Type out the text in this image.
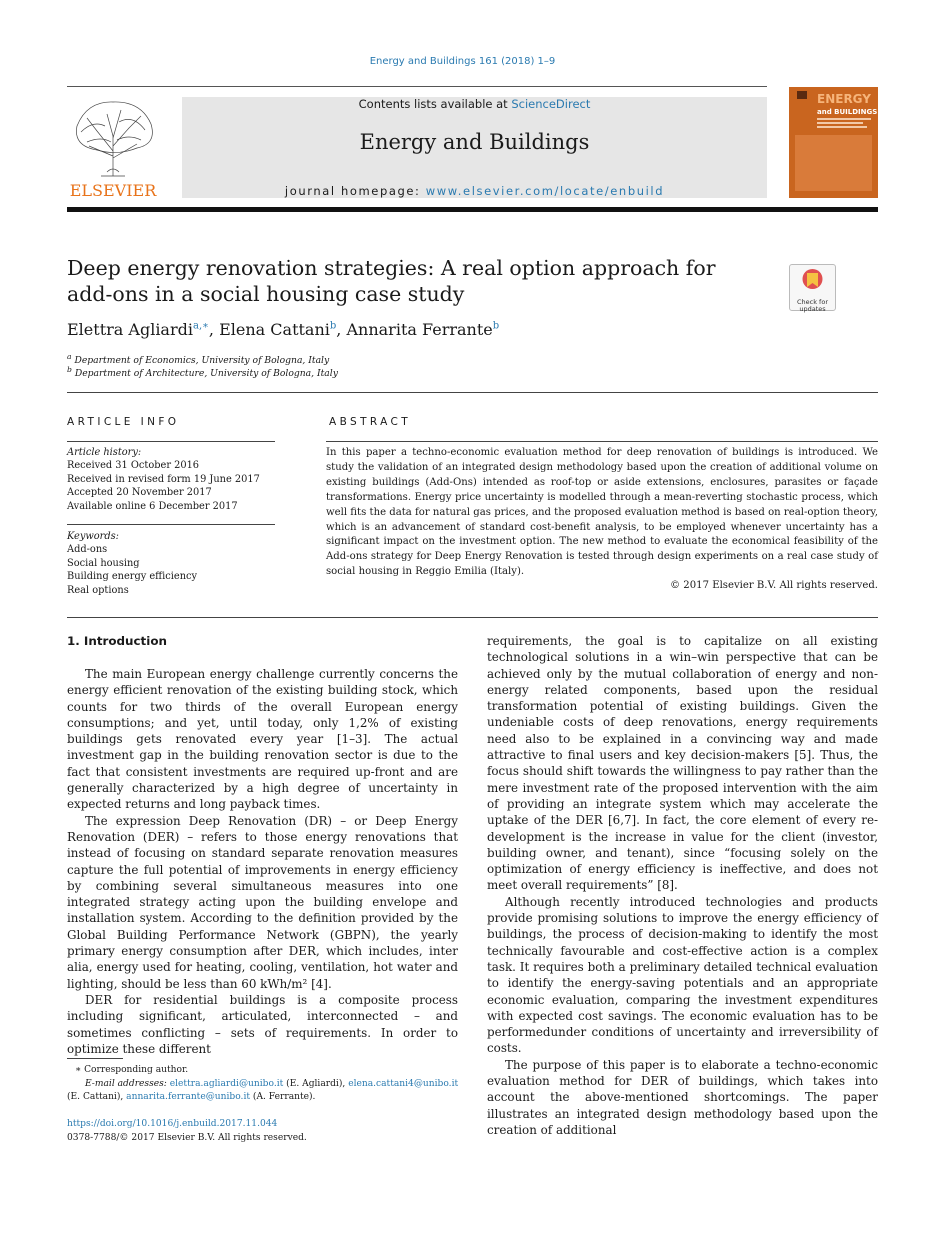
Energy and Buildings 161 (2018) 1–9
ELSEVIER
Contents lists available at ScienceDirect
Energy and Buildings
journal homepage: www.elsevier.com/locate/enbuild
ENERGY
and BUILDINGS
Deep energy renovation strategies: A real option approach for
add-ons in a social housing case study	Check for updates
Elettra Agliardi$^{a,∗}$, Elena Cattani$^b$, Annarita Ferrante$^b$
$^a$ Department of Economics, University of Bologna, Italy
$^b$ Department of Architecture, University of Bologna, Italy
ARTICLE INFO
Article history:
Received 31 October 2016
Received in revised form 19 June 2017
Accepted 20 November 2017
Available online 6 December 2017
Keywords:
Add-ons
Social housing
Building energy efficiency
Real options
ABSTRACT
In this paper a techno-economic evaluation method for deep renovation of buildings is introduced. We study the validation of an integrated design methodology based upon the creation of additional volume on existing buildings (Add-Ons) intended as roof-top or aside extensions, enclosures, parasites or façade transformations. Energy price uncertainty is modelled through a mean-reverting stochastic process, which well fits the data for natural gas prices, and the proposed evaluation method is based on real-option theory, which is an advancement of standard cost-benefit analysis, to be employed whenever uncertainty has a significant impact on the investment option. The new method to evaluate the economical feasibility of the Add-ons strategy for Deep Energy Renovation is tested through design experiments on a real case study of social housing in Reggio Emilia (Italy).
© 2017 Elsevier B.V. All rights reserved.
1. Introduction

The main European energy challenge currently concerns the energy efficient renovation of the existing building stock, which counts for two thirds of the overall European energy consumptions; and yet, until today, only 1,2% of existing buildings gets renovated every year [1–3]. The actual investment gap in the building renovation sector is due to the fact that consistent investments are required up-front and are generally characterized by a high degree of uncertainty in expected returns and long payback times.

The expression Deep Renovation (DR) – or Deep Energy Renovation (DER) – refers to those energy renovations that instead of focusing on standard separate renovation measures capture the full potential of improvements in energy efficiency by combining several simultaneous measures into one integrated strategy acting upon the building envelope and installation system. According to the definition provided by the Global Building Performance Network (GBPN), the yearly primary energy consumption after DER, which includes, inter alia, energy used for heating, cooling, ventilation, hot water and lighting, should be less than 60 kWh/m² [4].

DER for residential buildings is a composite process including significant, articulated, interconnected – and sometimes conflicting – sets of requirements. In order to optimize these different

requirements, the goal is to capitalize on all existing technological solutions in a win–win perspective that can be achieved only by the mutual collaboration of energy and non-energy related components, based upon the residual transformation potential of existing buildings. Given the undeniable costs of deep renovations, energy requirements need also to be explained in a convincing way and made attractive to final users and key decision-makers [5]. Thus, the focus should shift towards the willingness to pay rather than the mere investment rate of the proposed intervention with the aim of providing an integrate system which may accelerate the uptake of the DER [6,7]. In fact, the core element of every re-development is the increase in value for the client (investor, building owner, and tenant), since “focusing solely on the optimization of energy efficiency is ineffective, and does not meet overall requirements” [8].

Although recently introduced technologies and products provide promising solutions to improve the energy efficiency of buildings, the process of decision-making to identify the most technically favourable and cost-effective action is a complex task. It requires both a preliminary detailed technical evaluation to identify the energy-saving potentials and an appropriate economic evaluation, comparing the investment expenditures with expected cost savings. The economic evaluation has to be performedunder conditions of uncertainty and irreversibility of costs.

The purpose of this paper is to elaborate a techno-economic evaluation method for DER of buildings, which takes into account the above-mentioned shortcomings. The paper illustrates an integrated design methodology based upon the creation of additional

∗ Corresponding author.
E-mail addresses: elettra.agliardi@unibo.it (E. Agliardi), elena.cattani4@unibo.it
(E. Cattani), annarita.ferrante@unibo.it (A. Ferrante).
https://doi.org/10.1016/j.enbuild.2017.11.044
0378-7788/© 2017 Elsevier B.V. All rights reserved.
